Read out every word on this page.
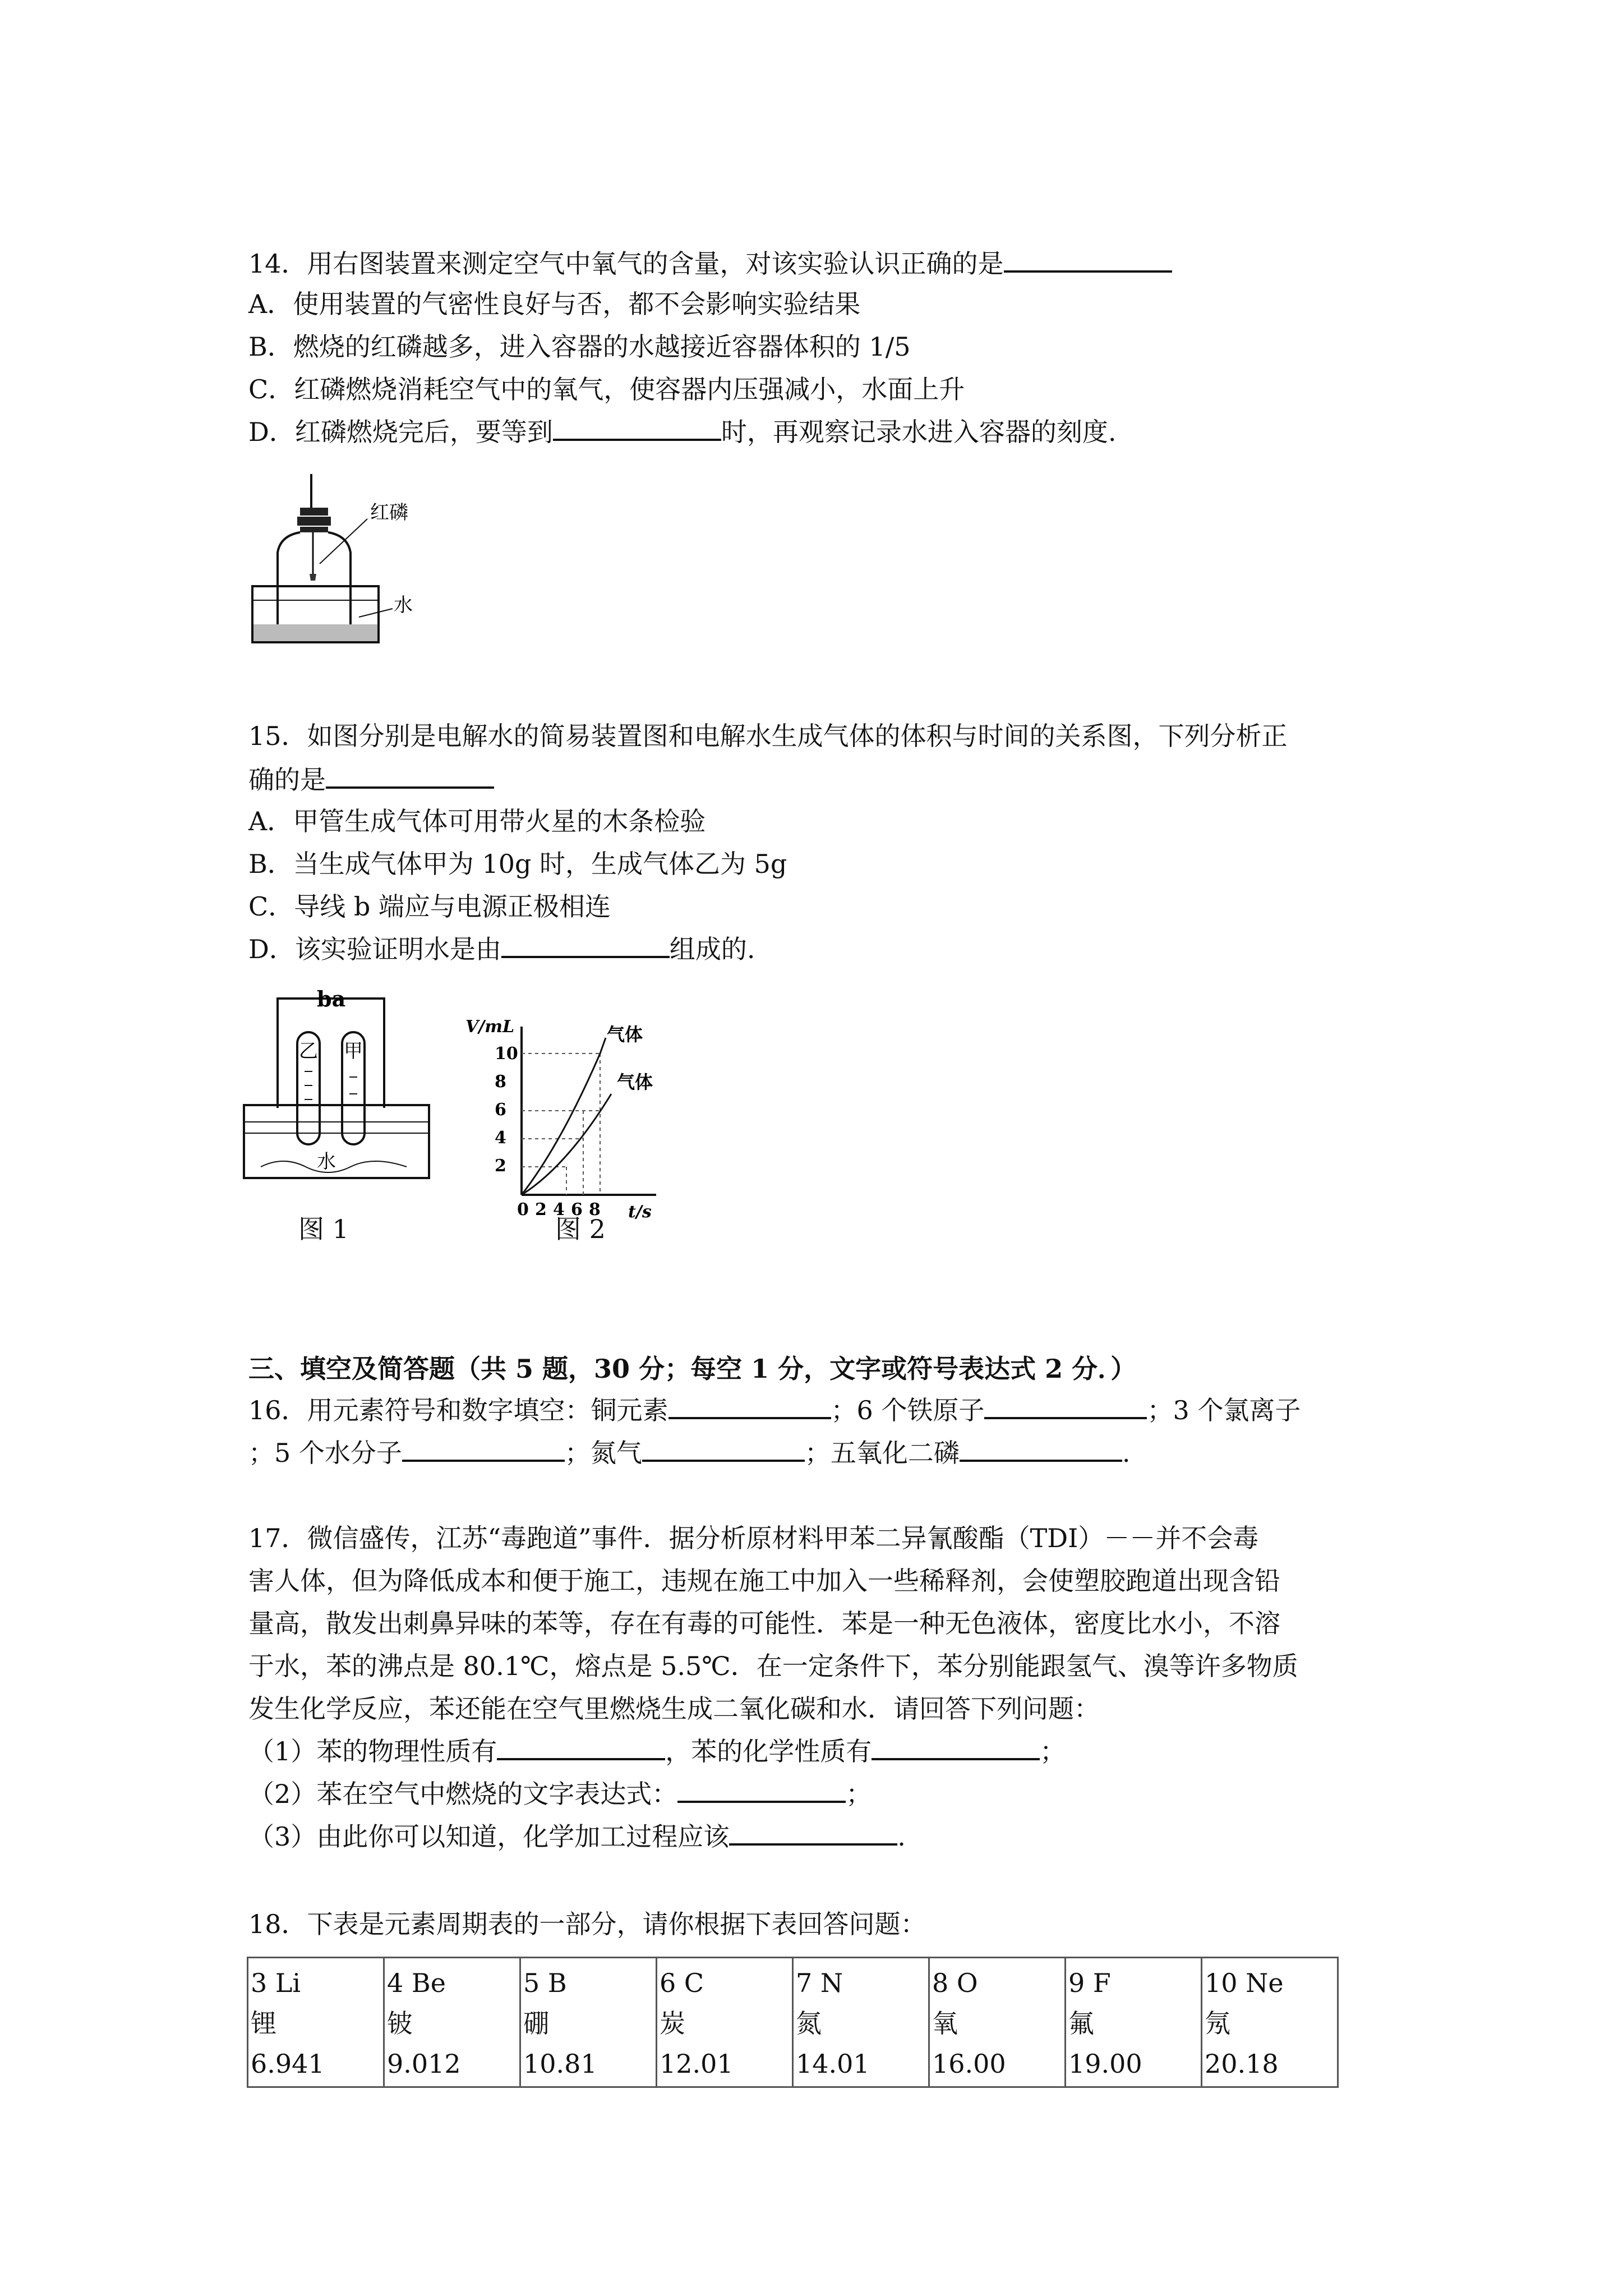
14．用右图装置来测定空气中氧气的含量，对该实验认识正确的是
A．使用装置的气密性良好与否，都不会影响实验结果
B．燃烧的红磷越多，进入容器的水越接近容器体积的 1/5
C．红磷燃烧消耗空气中的氧气，使容器内压强减小，水面上升
D．红磷燃烧完后，要等到	时，再观察记录水进入容器的刻度.
红磷
水
15．如图分别是电解水的简易装置图和电解水生成气体的体积与时间的关系图，下列分析正
确的是
A．甲管生成气体可用带火星的木条检验
B．当生成气体甲为 10g 时，生成气体乙为 5g
C．导线 b 端应与电源正极相连
D．该实验证明水是由	组成的.
ba
乙 甲
水
图 1
V/mL
10
8
6
4
2
0 2 4 6 8
气体
气体
t/s
图 2
三、填空及简答题（共 5 题，30 分；每空 1 分，文字或符号表达式 2 分．）
16．用元素符号和数字填空：铜元素	；6 个铁原子	；3 个氯离子
；5 个水分子	；氮气	；五氧化二磷	.
17．微信盛传，江苏“毒跑道”事件．据分析原材料甲苯二异氰酸酯（TDI）－－并不会毒
害人体，但为降低成本和便于施工，违规在施工中加入一些稀释剂，会使塑胶跑道出现含铅
量高，散发出刺鼻异味的苯等，存在有毒的可能性．苯是一种无色液体，密度比水小，不溶
于水，苯的沸点是 80.1℃，熔点是 5.5℃．在一定条件下，苯分别能跟氢气、溴等许多物质
发生化学反应，苯还能在空气里燃烧生成二氧化碳和水．请回答下列问题：
（1）苯的物理性质有	，苯的化学性质有	；
（2）苯在空气中燃烧的文字表达式：	；
（3）由此你可以知道，化学加工过程应该	.
18．下表是元素周期表的一部分，请你根据下表回答问题：
3 Li
锂
6.941

4 Be
铍
9.012

5 B
硼
10.81

6 C
炭
12.01

7 N
氮
14.01

8 O
氧
16.00

9 F
氟
19.00

10 Ne
氖
20.18
